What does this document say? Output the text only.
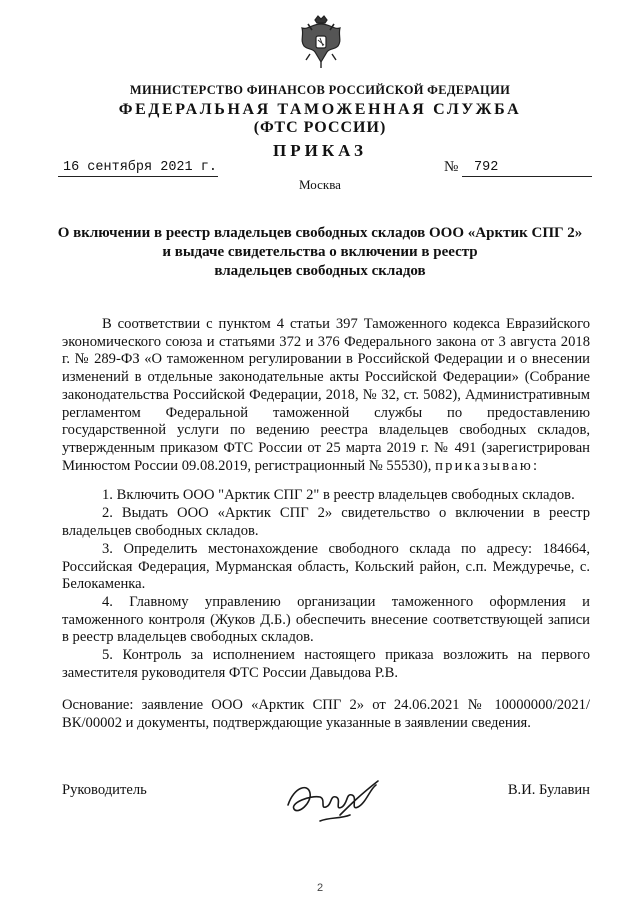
МИНИСТЕРСТВО ФИНАНСОВ РОССИЙСКОЙ ФЕДЕРАЦИИ
ФЕДЕРАЛЬНАЯ ТАМОЖЕННАЯ СЛУЖБА
(ФТС РОССИИ)
ПРИКАЗ
16 сентября 2021 г.	№ 792
Москва
О включении в реестр владельцев свободных складов ООО «Арктик СПГ 2»
и выдаче свидетельства о включении в реестр
владельцев свободных складов
В соответствии с пунктом 4 статьи 397 Таможенного кодекса Евразийского экономического союза и статьями 372 и 376 Федерального закона от 3 августа 2018 г. № 289-ФЗ «О таможенном регулировании в Российской Федерации и о внесении изменений в отдельные законодательные акты Российской Федерации» (Собрание законодательства Российской Федерации, 2018, № 32, ст. 5082), Административным регламентом Федеральной таможенной службы по предоставлению государственной услуги по ведению реестра владельцев свободных складов, утвержденным приказом ФТС России от 25 марта 2019 г. № 491 (зарегистрирован Минюстом России 09.08.2019, регистрационный № 55530), приказываю:
1. Включить ООО "Арктик СПГ 2" в реестр владельцев свободных складов.
2. Выдать ООО «Арктик СПГ 2» свидетельство о включении в реестр владельцев свободных складов.
3. Определить местонахождение свободного склада по адресу: 184664, Российская Федерация, Мурманская область, Кольский район, с.п. Междуречье, с. Белокаменка.
4. Главному управлению организации таможенного оформления и таможенного контроля (Жуков Д.Б.) обеспечить внесение соответствующей записи в реестр владельцев свободных складов.
5. Контроль за исполнением настоящего приказа возложить на первого заместителя руководителя ФТС России Давыдова Р.В.
Основание: заявление ООО «Арктик СПГ 2» от 24.06.2021 № 10000000/2021/ВК/00002 и документы, подтверждающие указанные в заявлении сведения.
Руководитель	В.И. Булавин
2
